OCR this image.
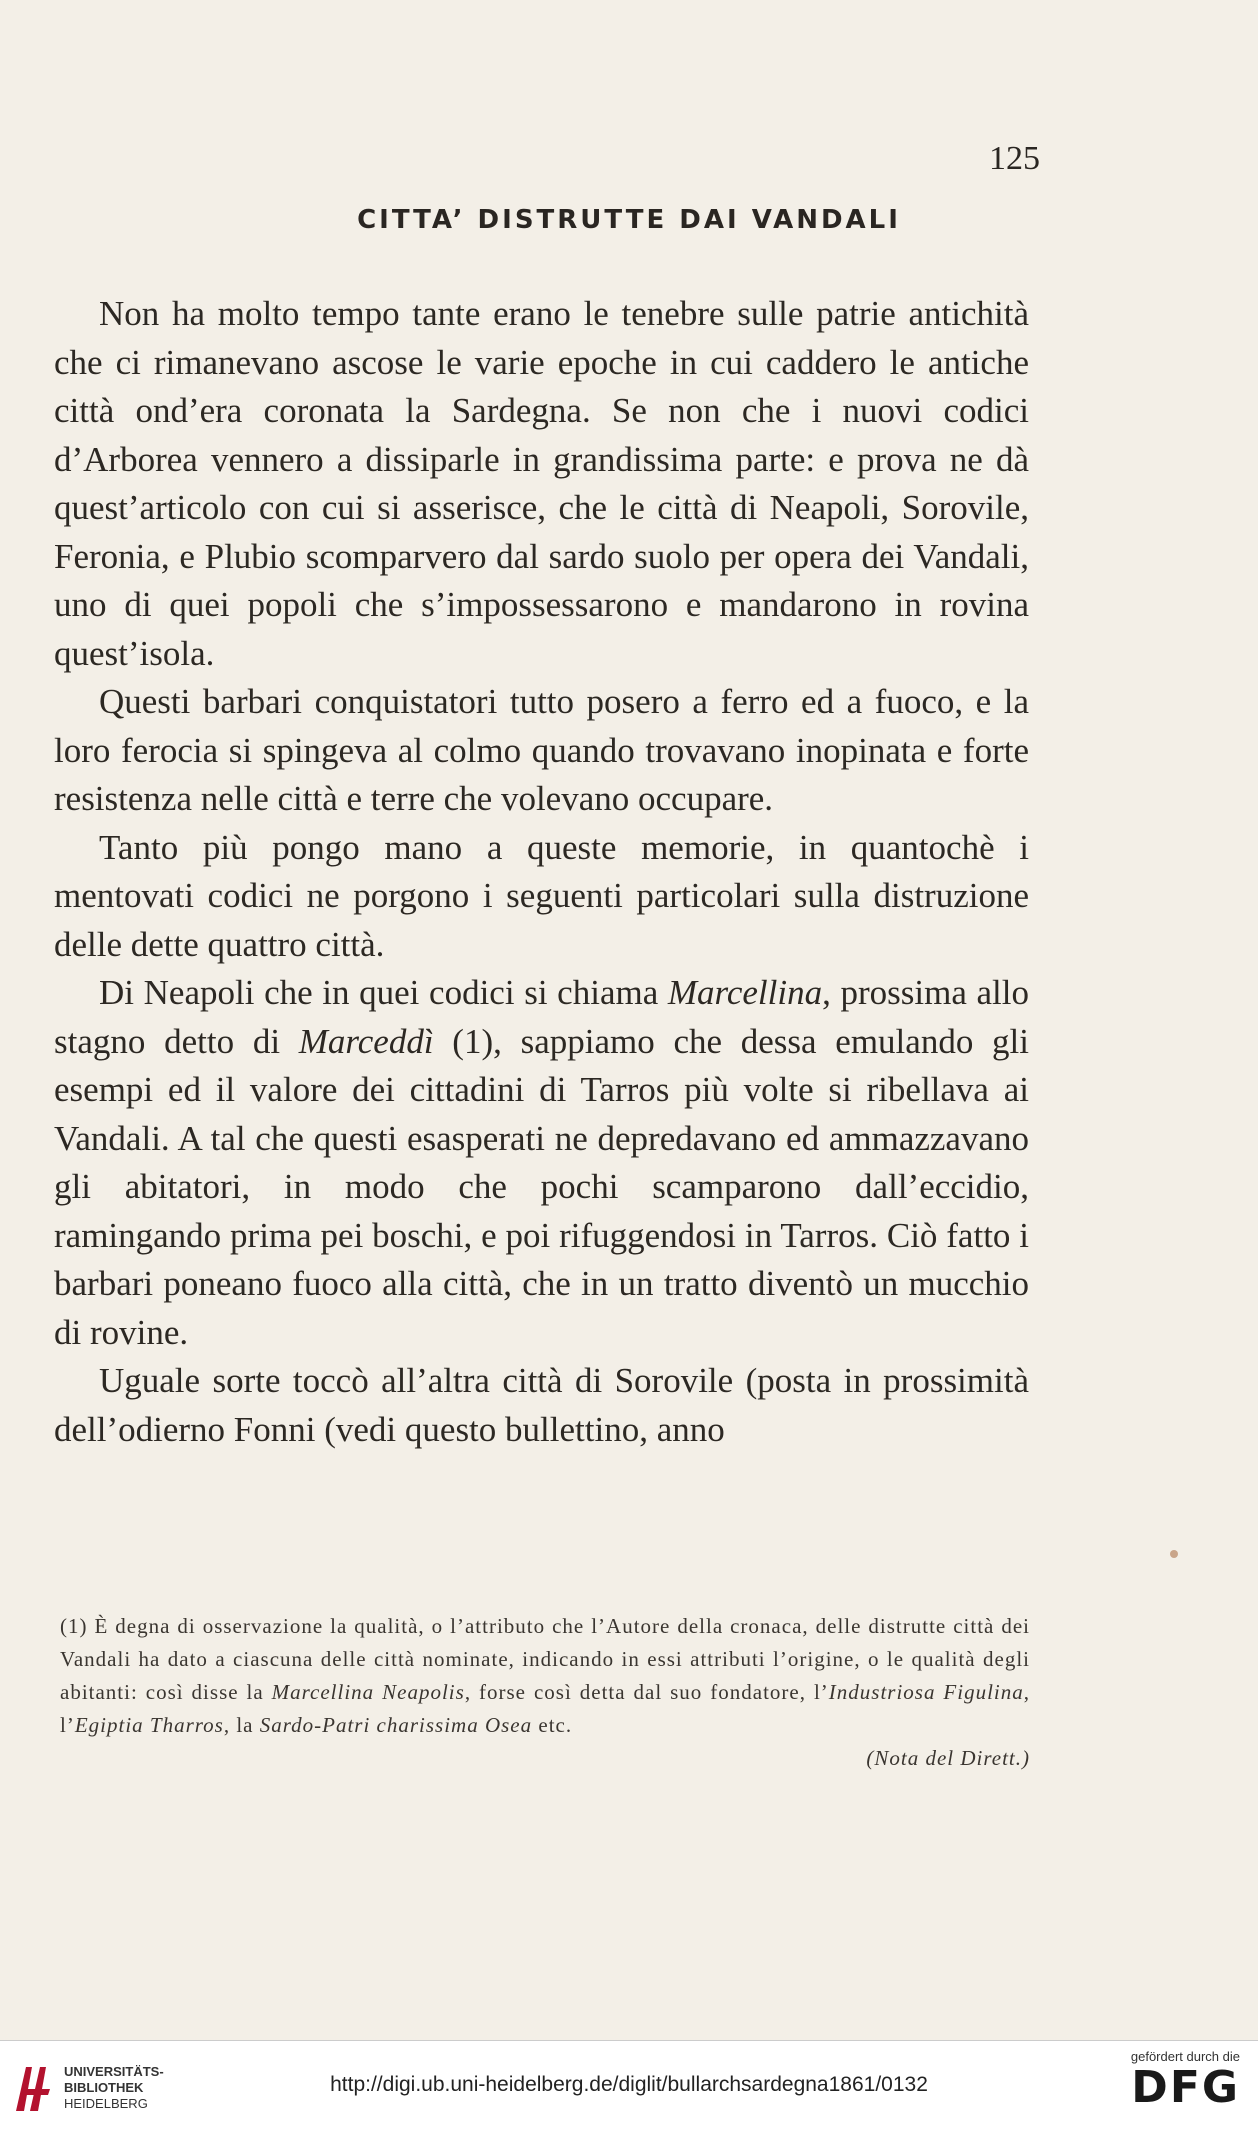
125
CITTA’ DISTRUTTE DAI VANDALI

Non ha molto tempo tante erano le tenebre sulle patrie antichità che ci rimanevano ascose le varie epoche in cui caddero le antiche città ond’era coronata la Sardegna. Se non che i nuovi codici d’Arborea vennero a dissiparle in grandissima parte: e prova ne dà quest’articolo con cui si asserisce, che le città di Neapoli, Sorovile, Feronia, e Plubio scomparvero dal sardo suolo per opera dei Vandali, uno di quei popoli che s’impossessarono e mandarono in rovina quest’isola.

Questi barbari conquistatori tutto posero a ferro ed a fuoco, e la loro ferocia si spingeva al colmo quando trovavano inopinata e forte resistenza nelle città e terre che volevano occupare.

Tanto più pongo mano a queste memorie, in quantochè i mentovati codici ne porgono i seguenti particolari sulla distruzione delle dette quattro città.

Di Neapoli che in quei codici si chiama Marcellina, prossima allo stagno detto di Marceddì (1), sappiamo che dessa emulando gli esempi ed il valore dei cittadini di Tarros più volte si ribellava ai Vandali. A tal che questi esasperati ne depredavano ed ammazzavano gli abitatori, in modo che pochi scamparono dall’eccidio, ramingando prima pei boschi, e poi rifuggendosi in Tarros. Ciò fatto i barbari poneano fuoco alla città, che in un tratto diventò un mucchio di rovine.

Uguale sorte toccò all’altra città di Sorovile (posta in prossimità dell’odierno Fonni (vedi questo bullettino, anno

(1) È degna di osservazione la qualità, o l’attributo che l’Autore della cronaca, delle distrutte città dei Vandali ha dato a ciascuna delle città nominate, indicando in essi attributi l’origine, o le qualità degli abitanti: così disse la Marcellina Neapolis, forse così detta dal suo fondatore, l’Industriosa Figulina, l’Egiptia Tharros, la Sardo-Patri charissima Osea etc.

(Nota del Dirett.)

UNIVERSITÄTS-
BIBLIOTHEK
HEIDELBERG
http://digi.ub.uni-heidelberg.de/diglit/bullarchsardegna1861/0132
gefördert durch die
DFG
